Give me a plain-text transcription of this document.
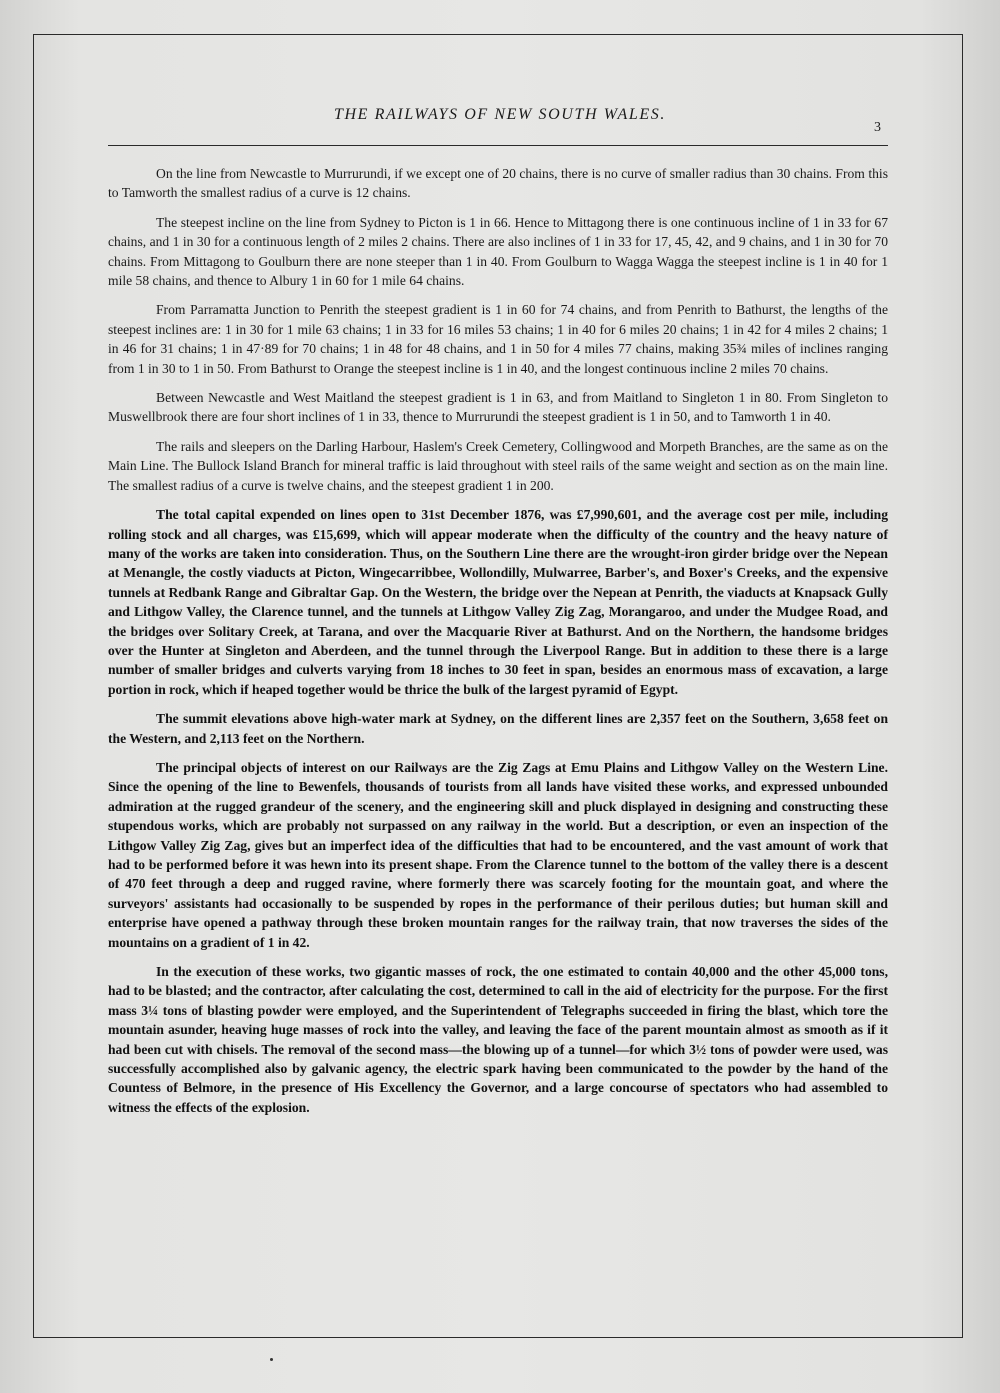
THE RAILWAYS OF NEW SOUTH WALES.
3

On the line from Newcastle to Murrurundi, if we except one of 20 chains, there is no curve of smaller radius than 30 chains. From this to Tamworth the smallest radius of a curve is 12 chains.

The steepest incline on the line from Sydney to Picton is 1 in 66. Hence to Mittagong there is one continuous incline of 1 in 33 for 67 chains, and 1 in 30 for a continuous length of 2 miles 2 chains. There are also inclines of 1 in 33 for 17, 45, 42, and 9 chains, and 1 in 30 for 70 chains. From Mittagong to Goulburn there are none steeper than 1 in 40. From Goulburn to Wagga Wagga the steepest incline is 1 in 40 for 1 mile 58 chains, and thence to Albury 1 in 60 for 1 mile 64 chains.

From Parramatta Junction to Penrith the steepest gradient is 1 in 60 for 74 chains, and from Penrith to Bathurst, the lengths of the steepest inclines are: 1 in 30 for 1 mile 63 chains; 1 in 33 for 16 miles 53 chains; 1 in 40 for 6 miles 20 chains; 1 in 42 for 4 miles 2 chains; 1 in 46 for 31 chains; 1 in 47·89 for 70 chains; 1 in 48 for 48 chains, and 1 in 50 for 4 miles 77 chains, making 35¾ miles of inclines ranging from 1 in 30 to 1 in 50. From Bathurst to Orange the steepest incline is 1 in 40, and the longest continuous incline 2 miles 70 chains.

Between Newcastle and West Maitland the steepest gradient is 1 in 63, and from Maitland to Singleton 1 in 80. From Singleton to Muswellbrook there are four short inclines of 1 in 33, thence to Murrurundi the steepest gradient is 1 in 50, and to Tamworth 1 in 40.

The rails and sleepers on the Darling Harbour, Haslem's Creek Cemetery, Collingwood and Morpeth Branches, are the same as on the Main Line. The Bullock Island Branch for mineral traffic is laid throughout with steel rails of the same weight and section as on the main line. The smallest radius of a curve is twelve chains, and the steepest gradient 1 in 200.

The total capital expended on lines open to 31st December 1876, was £7,990,601, and the average cost per mile, including rolling stock and all charges, was £15,699, which will appear moderate when the difficulty of the country and the heavy nature of many of the works are taken into consideration. Thus, on the Southern Line there are the wrought-iron girder bridge over the Nepean at Menangle, the costly viaducts at Picton, Wingecarribbee, Wollondilly, Mulwarree, Barber's, and Boxer's Creeks, and the expensive tunnels at Redbank Range and Gibraltar Gap. On the Western, the bridge over the Nepean at Penrith, the viaducts at Knapsack Gully and Lithgow Valley, the Clarence tunnel, and the tunnels at Lithgow Valley Zig Zag, Morangaroo, and under the Mudgee Road, and the bridges over Solitary Creek, at Tarana, and over the Macquarie River at Bathurst. And on the Northern, the handsome bridges over the Hunter at Singleton and Aberdeen, and the tunnel through the Liverpool Range. But in addition to these there is a large number of smaller bridges and culverts varying from 18 inches to 30 feet in span, besides an enormous mass of excavation, a large portion in rock, which if heaped together would be thrice the bulk of the largest pyramid of Egypt.

The summit elevations above high-water mark at Sydney, on the different lines are 2,357 feet on the Southern, 3,658 feet on the Western, and 2,113 feet on the Northern.

The principal objects of interest on our Railways are the Zig Zags at Emu Plains and Lithgow Valley on the Western Line. Since the opening of the line to Bewenfels, thousands of tourists from all lands have visited these works, and expressed unbounded admiration at the rugged grandeur of the scenery, and the engineering skill and pluck displayed in designing and constructing these stupendous works, which are probably not surpassed on any railway in the world. But a description, or even an inspection of the Lithgow Valley Zig Zag, gives but an imperfect idea of the difficulties that had to be encountered, and the vast amount of work that had to be performed before it was hewn into its present shape. From the Clarence tunnel to the bottom of the valley there is a descent of 470 feet through a deep and rugged ravine, where formerly there was scarcely footing for the mountain goat, and where the surveyors' assistants had occasionally to be suspended by ropes in the performance of their perilous duties; but human skill and enterprise have opened a pathway through these broken mountain ranges for the railway train, that now traverses the sides of the mountains on a gradient of 1 in 42.

In the execution of these works, two gigantic masses of rock, the one estimated to contain 40,000 and the other 45,000 tons, had to be blasted; and the contractor, after calculating the cost, determined to call in the aid of electricity for the purpose. For the first mass 3¼ tons of blasting powder were employed, and the Superintendent of Telegraphs succeeded in firing the blast, which tore the mountain asunder, heaving huge masses of rock into the valley, and leaving the face of the parent mountain almost as smooth as if it had been cut with chisels. The removal of the second mass—the blowing up of a tunnel—for which 3½ tons of powder were used, was successfully accomplished also by galvanic agency, the electric spark having been communicated to the powder by the hand of the Countess of Belmore, in the presence of His Excellency the Governor, and a large concourse of spectators who had assembled to witness the effects of the explosion.
